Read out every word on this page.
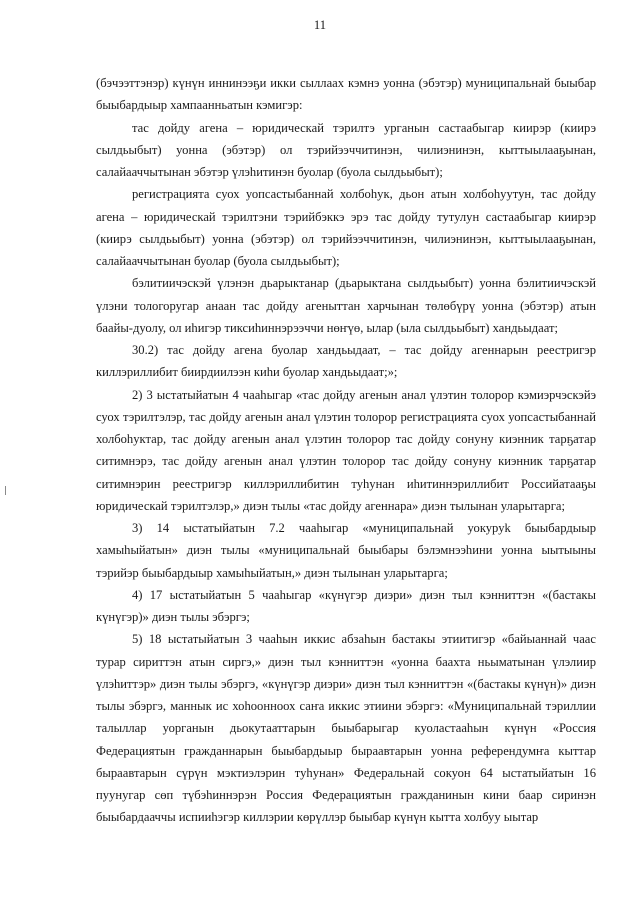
11

(бэчээттэнэр) күнүн иннинээҕи икки сыллаах кэмнэ уонна (эбэтэр) муниципальнай быыбар быыбардыыр хампаанньатын кэмигэр:

тас дойду агена – юридическай тэрилтэ урганын састаабыгар киирэр (киирэ сылдьыбыт) уонна (эбэтэр) ол тэрийээччитинэн, чилиэнинэн, кыттыылааҕынан, салайааччытынан эбэтэр үлэһитинэн буолар (буола сылдьыбыт);

регистрацията суох уопсастыбаннай холбоһук, дьон атын холбоһуутун, тас дойду агена – юридическай тэрилтэни тэрийбэккэ эрэ тас дойду тутулун састаабыгар киирэр (киирэ сылдьыбыт) уонна (эбэтэр) ол тэрийээччитинэн, чилиэнинэн, кыттыылааҕынан, салайааччытынан буолар (буола сылдьыбыт);

бэлитиичэскэй үлэнэн дьарыктанар (дьарыктана сылдьыбыт) уонна бэлитиичэскэй үлэни тологоругар анаан тас дойду агеныттан харчынан төлөбүрү уонна (эбэтэр) атын баайы-дуолу, ол иһигэр тиксиһиннэрээччи нөҥүө, ылар (ыла сылдьыбыт) хандьыдаат;

30.2) тас дойду агена буолар хандьыдаат, – тас дойду агеннарын реестригэр киллэриллибит биирдиилээн киһи буолар хандьыдаат;»;

2) 3 ыстатыйатын 4 чааһыгар «тас дойду агенын анал үлэтин толорор кэмиэрчэскэйэ суох тэрилтэлэр, тас дойду агенын анал үлэтин толорор регистрацията суох уопсастыбаннай холбоһуктар, тас дойду агенын анал үлэтин толорор тас дойду сонуну киэнник тарҕатар ситимнэрэ, тас дойду агенын анал үлэтин толорор тас дойду сонуну киэнник тарҕатар ситимнэрин реестригэр киллэриллибитин туһунан иһитиннэриллибит Российатааҕы юридическай тэрилтэлэр,» диэн тылы «тас дойду агеннара» диэн тылынан уларытарга;

3) 14 ыстатыйатын 7.2 чааһыгар «муниципальнай уокуруk быыбардыыр хамыһыйатын» диэн тылы «муниципальнай быыбары бэлэмнээһини уонна ыытыыны тэрийэр быыбардыыр хамыһыйатын,» диэн тылынан уларытарга;

4) 17 ыстатыйатын 5 чааһыгар «күнүгэр диэри» диэн тыл кэнниттэн «(бастакы күнүгэр)» диэн тылы эбэргэ;

5) 18 ыстатыйатын 3 чааһын иккис абзаһын бастакы этиитигэр «байыаннай чаас турар сириттэн атын сиргэ,» диэн тыл кэнниттэн «уонна баахта ньыматынан үлэлиир үлэһиттэр» диэн тылы эбэргэ, «күнүгэр диэри» диэн тыл кэнниттэн «(бастакы күнүн)» диэн тылы эбэргэ, маннык ис хоһоонноох саҥа иккис этиини эбэргэ: «Муниципальнай тэриллии талыллар уорганын дьокутааттарын быыбарыгар куоластааһын күнүн «Россия Федерациятын гражданнарын быыбардыыр быраавтарын уонна референдумҥа кыттар быраавтарын сүрүн мэктиэлэрин туһунан» Федеральнай сокуон 64 ыстатыйатын 16 пуунугар сөп түбэһиннэрэн Россия Федерациятын гражданинын кини баар сиринэн быыбардааччы испииһэгэр киллэрии көрүллэр быыбар күнүн кытта холбуу ыытар
